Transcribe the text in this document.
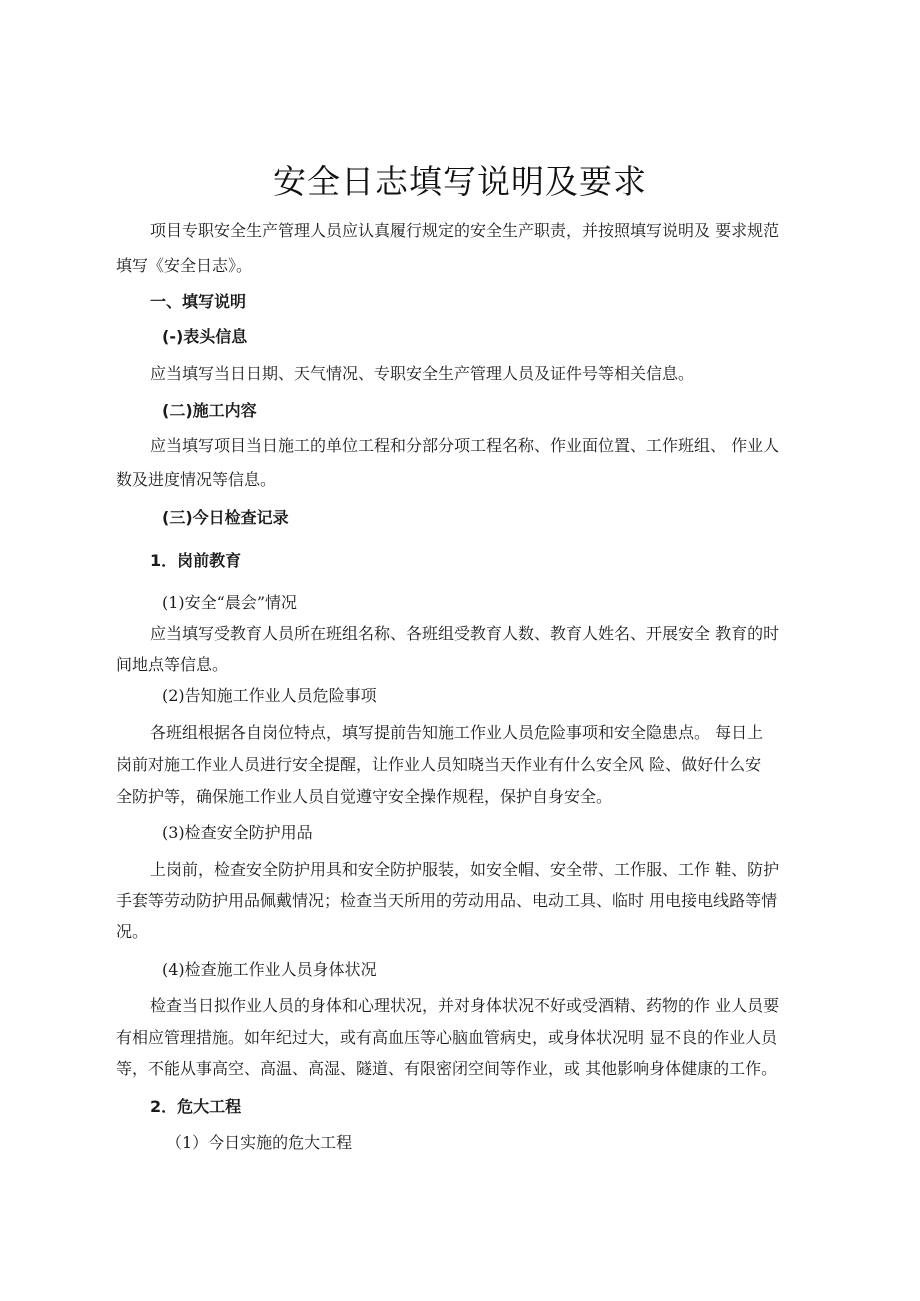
安全日志填写说明及要求
项目专职安全生产管理人员应认真履行规定的安全生产职责，并按照填写说明及 要求规范
填写《安全日志》。
一、填写说明
(-)表头信息
应当填写当日日期、天气情况、专职安全生产管理人员及证件号等相关信息。
(二)施工内容
应当填写项目当日施工的单位工程和分部分项工程名称、作业面位置、工作班组、 作业人
数及进度情况等信息。
(三)今日检查记录
1．岗前教育
(1)安全“晨会”情况
应当填写受教育人员所在班组名称、各班组受教育人数、教育人姓名、开展安全 教育的时
间地点等信息。
(2)告知施工作业人员危险事项
各班组根据各自岗位特点，填写提前告知施工作业人员危险事项和安全隐患点。 每日上
岗前对施工作业人员进行安全提醒，让作业人员知晓当天作业有什么安全风 险、做好什么安
全防护等，确保施工作业人员自觉遵守安全操作规程，保护自身安全。
(3)检查安全防护用品
上岗前，检查安全防护用具和安全防护服装，如安全帽、安全带、工作服、工作 鞋、防护
手套等劳动防护用品佩戴情况；检查当天所用的劳动用品、电动工具、临时 用电接电线路等情
况。
(4)检查施工作业人员身体状况
检查当日拟作业人员的身体和心理状况，并对身体状况不好或受酒精、药物的作 业人员要
有相应管理措施。如年纪过大，或有高血压等心脑血管病史，或身体状况明 显不良的作业人员
等，不能从事高空、高温、高湿、隧道、有限密闭空间等作业，或 其他影响身体健康的工作。
2．危大工程
（1）今日实施的危大工程
